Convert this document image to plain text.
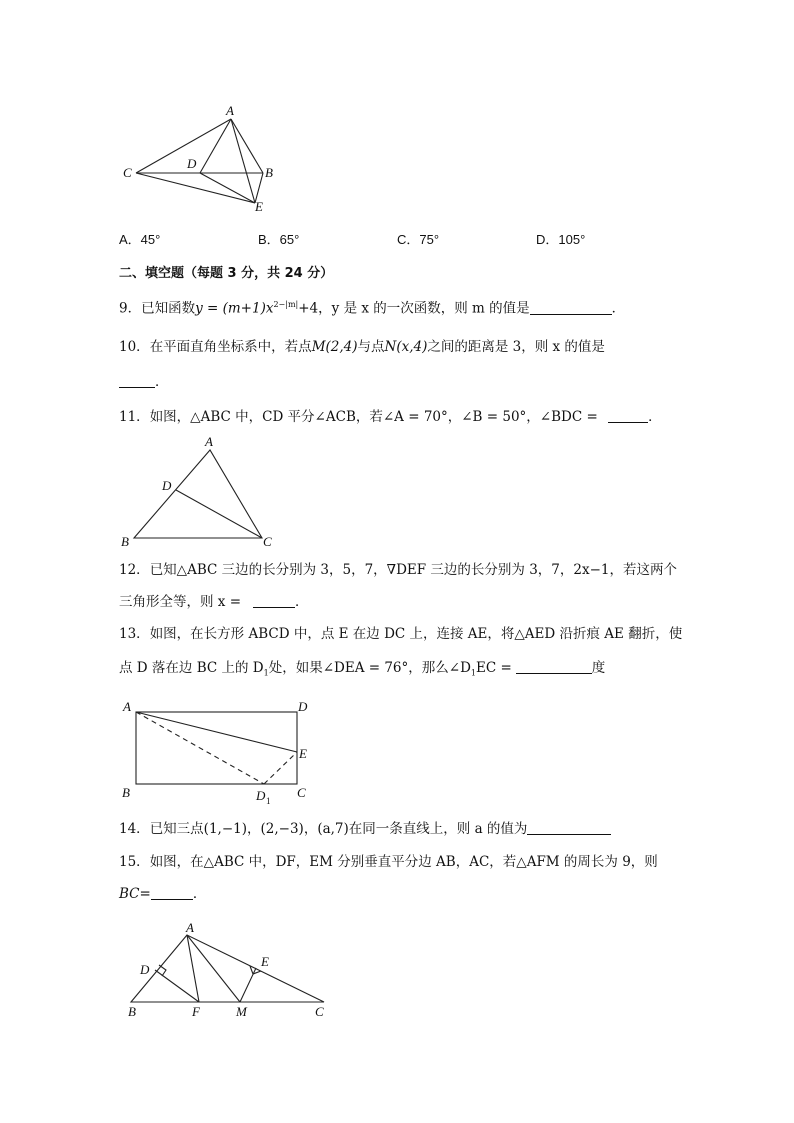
A
B
C
D
E
A．45°	B．65°	C．75°	D．105°
二、填空题（每题 3 分，共 24 分）
9．已知函数$y = (m+1)x^{2-|m|}+4$，y 是 x 的一次函数，则 m 的值是	．
10．在平面直角坐标系中，若点M(2,4)与点N(x,4)之间的距离是 3，则 x 的值是
．
11．如图，△ABC 中，CD 平分∠ACB，若∠A = 70°，∠B = 50°，∠BDC =	．
A
B	C
D
12．已知△ABC 三边的长分别为 3，5，7，∇DEF 三边的长分别为 3，7，2x−1，若这两个
三角形全等，则 x =	．
13．如图，在长方形 ABCD 中，点 E 在边 DC 上，连接 AE，将△AED 沿折痕 AE 翻折，使
点 D 落在边 BC 上的 $D_1$处，如果∠DEA = 76°，那么$\angle D_1EC$ =	度
A	D
E
B	C
D 1
14．已知三点(1,−1)，(2,−3)，(a,7)在同一条直线上，则 a 的值为
15．如图，在△ABC 中，DF，EM 分别垂直平分边 AB，AC，若△AFM 的周长为 9，则
BC=	．
A
D
E
B	F	M	C
